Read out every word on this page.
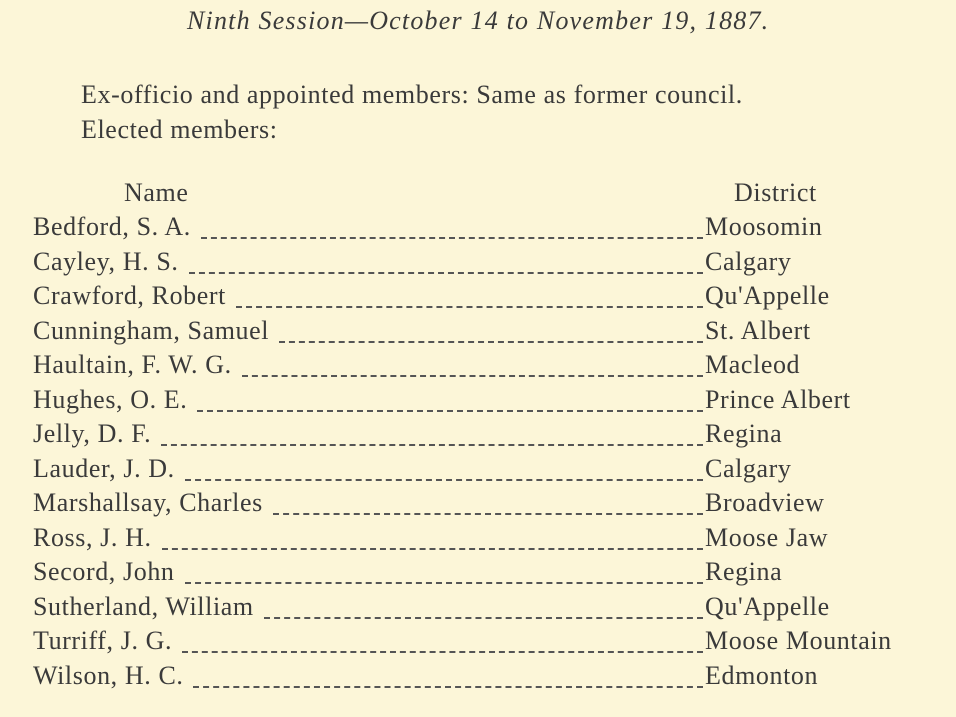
Ninth Session—October 14 to November 19, 1887.

Ex-officio and appointed members: Same as former council.

Elected members:

Name	District
Bedford, S. A.	Moosomin
Cayley, H. S.	Calgary
Crawford, Robert	Qu'Appelle
Cunningham, Samuel	St. Albert
Haultain, F. W. G.	Macleod
Hughes, O. E.	Prince Albert
Jelly, D. F.	Regina
Lauder, J. D.	Calgary
Marshallsay, Charles	Broadview
Ross, J. H.	Moose Jaw
Secord, John	Regina
Sutherland, William	Qu'Appelle
Turriff, J. G.	Moose Mountain
Wilson, H. C.	Edmonton
